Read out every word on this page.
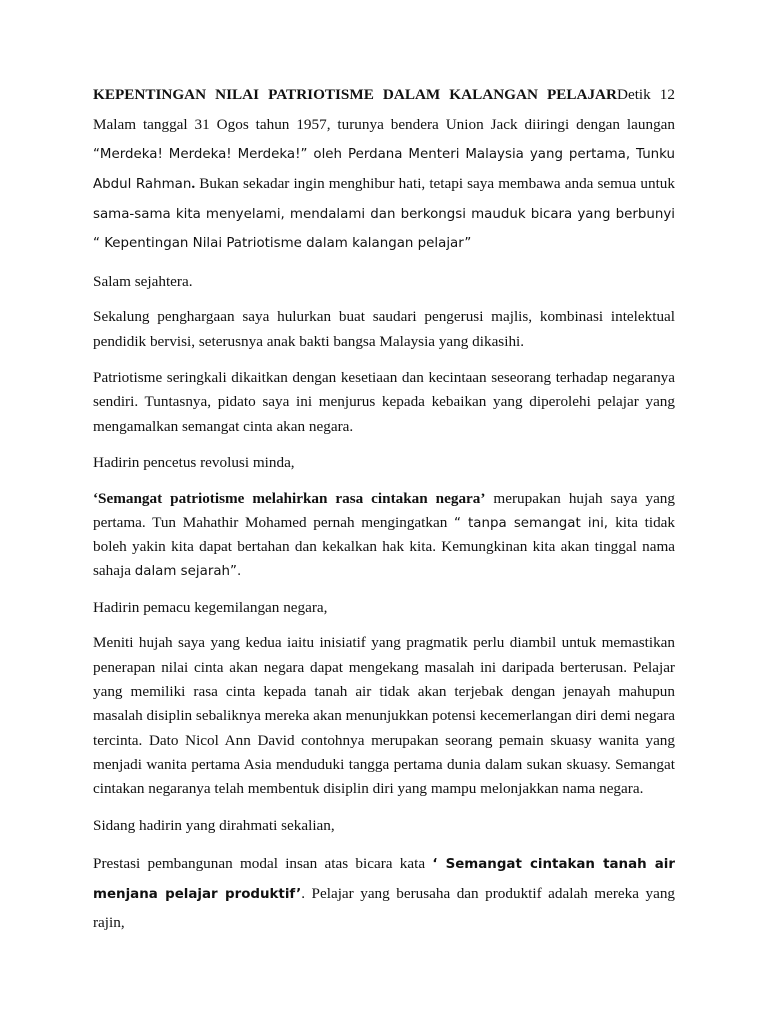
KEPENTINGAN NILAI PATRIOTISME DALAM KALANGAN PELAJARDetik 12 Malam tanggal 31 Ogos tahun 1957, turunya bendera Union Jack diiringi dengan laungan “Merdeka! Merdeka! Merdeka!” oleh Perdana Menteri Malaysia yang pertama, Tunku Abdul Rahman. Bukan sekadar ingin menghibur hati, tetapi saya membawa anda semua untuk sama-sama kita menyelami, mendalami dan berkongsi mauduk bicara yang berbunyi “ Kepentingan Nilai Patriotisme dalam kalangan pelajar”

Salam sejahtera.

Sekalung penghargaan saya hulurkan buat saudari pengerusi majlis, kombinasi intelektual pendidik bervisi, seterusnya anak bakti bangsa Malaysia yang dikasihi.

Patriotisme seringkali dikaitkan dengan kesetiaan dan kecintaan seseorang terhadap negaranya sendiri. Tuntasnya, pidato saya ini menjurus kepada kebaikan yang diperolehi pelajar yang mengamalkan semangat cinta akan negara.

Hadirin pencetus revolusi minda,

‘Semangat patriotisme melahirkan rasa cintakan negara’ merupakan hujah saya yang pertama. Tun Mahathir Mohamed pernah mengingatkan “ tanpa semangat ini, kita tidak boleh yakin kita dapat bertahan dan kekalkan hak kita. Kemungkinan kita akan tinggal nama sahaja dalam sejarah”.

Hadirin pemacu kegemilangan negara,

Meniti hujah saya yang kedua iaitu inisiatif yang pragmatik perlu diambil untuk memastikan penerapan nilai cinta akan negara dapat mengekang masalah ini daripada berterusan. Pelajar yang memiliki rasa cinta kepada tanah air tidak akan terjebak dengan jenayah mahupun masalah disiplin sebaliknya mereka akan menunjukkan potensi kecemerlangan diri demi negara tercinta. Dato Nicol Ann David contohnya merupakan seorang pemain skuasy wanita yang menjadi wanita pertama Asia menduduki tangga pertama dunia dalam sukan skuasy. Semangat cintakan negaranya telah membentuk disiplin diri yang mampu melonjakkan nama negara.

Sidang hadirin yang dirahmati sekalian,

Prestasi pembangunan modal insan atas bicara kata ‘ Semangat cintakan tanah air menjana pelajar produktif’. Pelajar yang berusaha dan produktif adalah mereka yang rajin,
